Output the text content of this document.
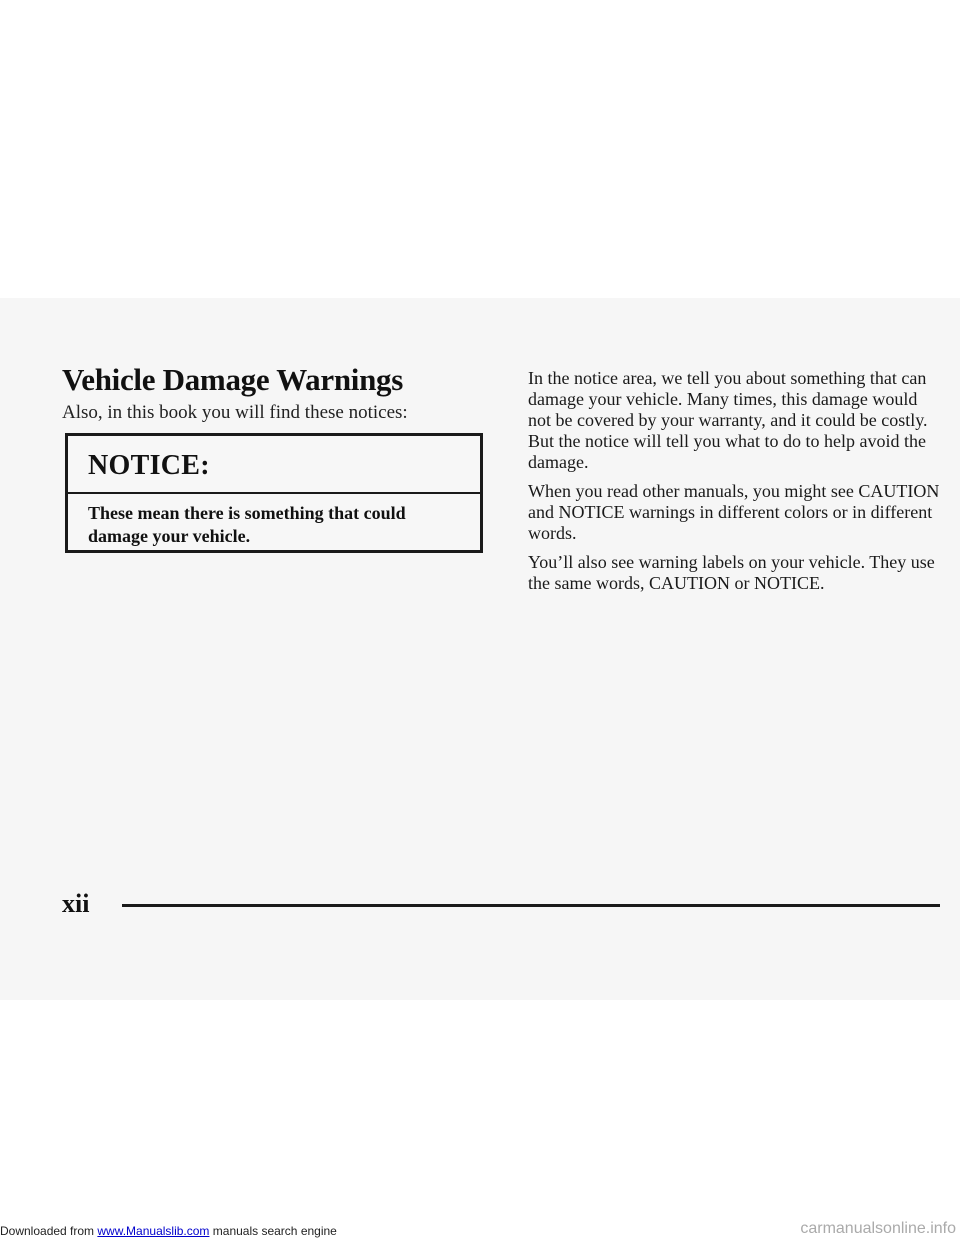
Vehicle Damage Warnings

Also, in this book you will find these notices:

NOTICE:

These mean there is something that could damage your vehicle.

In the notice area, we tell you about something that can damage your vehicle. Many times, this damage would not be covered by your warranty, and it could be costly. But the notice will tell you what to do to help avoid the damage.

When you read other manuals, you might see CAUTION and NOTICE warnings in different colors or in different words.

You’ll also see warning labels on your vehicle. They use the same words, CAUTION or NOTICE.

xii

Downloaded from www.Manualslib.com manuals search engine	carmanualsonline.info
